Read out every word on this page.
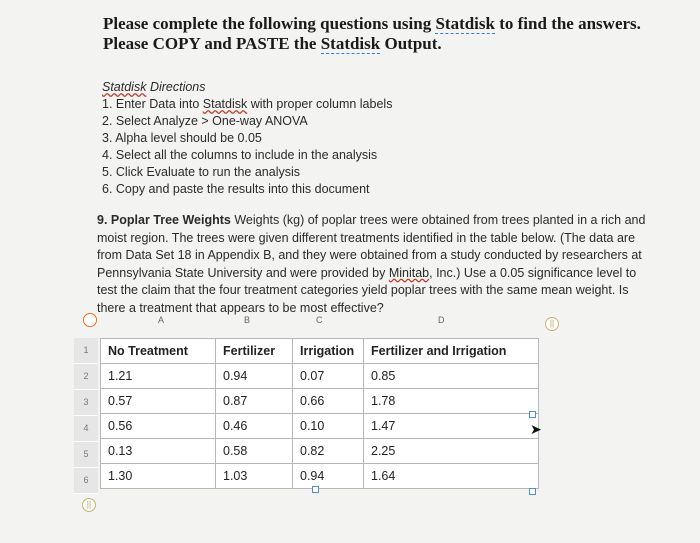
Please complete the following questions using Statdisk to find the answers.
Please COPY and PASTE the Statdisk Output.
Statdisk Directions
1. Enter Data into Statdisk with proper column labels
2. Select Analyze > One-way ANOVA
3. Alpha level should be 0.05
4. Select all the columns to include in the analysis
5. Click Evaluate to run the analysis
6. Copy and paste the results into this document
9. Poplar Tree Weights Weights (kg) of poplar trees were obtained from trees planted in a rich and moist region. The trees were given different treatments identified in the table below. (The data are from Data Set 18 in Appendix B, and they were obtained from a study conducted by researchers at Pennsylvania State University and were provided by Minitab, Inc.) Use a 0.05 significance level to test the claim that the four treatment categories yield poplar trees with the same mean weight. Is there a treatment that appears to be most effective?
A	B	C	D	||
||
1
2
3
4
5
6
No Treatment	Fertilizer	Irrigation	Fertilizer and Irrigation
1.21	0.94	0.07	0.85
0.57	0.87	0.66	1.78
0.56	0.46	0.10	1.47
0.13	0.58	0.82	2.25
1.30	1.03	0.94	1.64
➤
